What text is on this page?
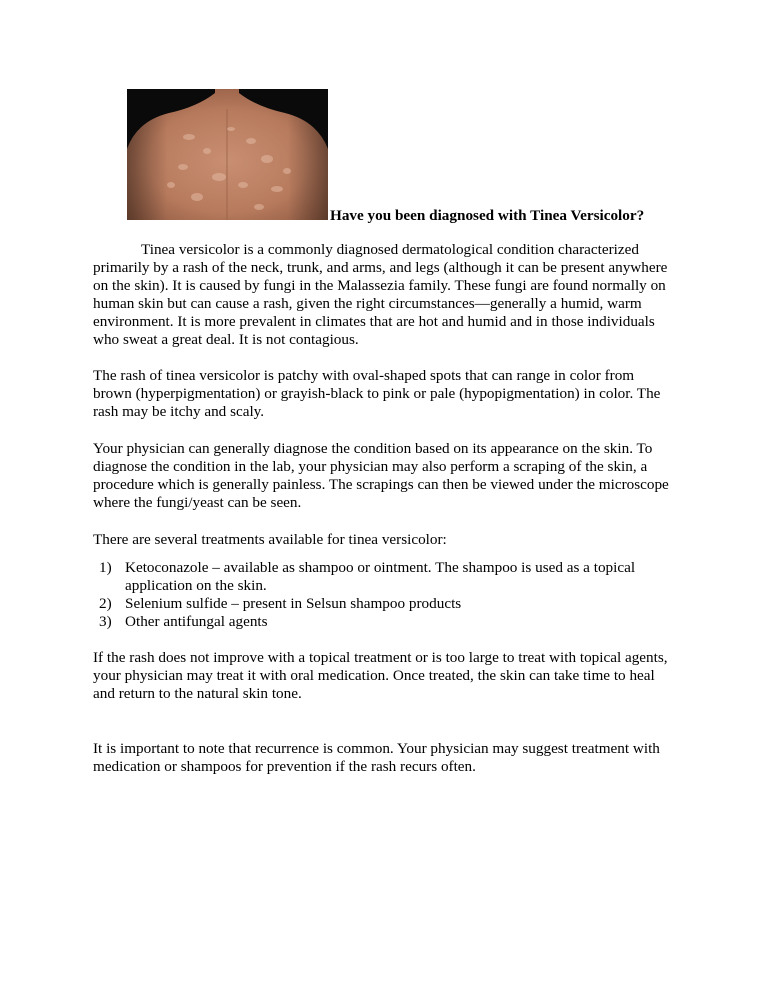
Have you been diagnosed with Tinea Versicolor?

Tinea versicolor is a commonly diagnosed dermatological condition characterized primarily by a rash of the neck, trunk, and arms, and legs (although it can be present anywhere on the skin). It is caused by fungi in the Malassezia family. These fungi are found normally on human skin but can cause a rash, given the right circumstances—generally a humid, warm environment. It is more prevalent in climates that are hot and humid and in those individuals who sweat a great deal. It is not contagious.

The rash of tinea versicolor is patchy with oval-shaped spots that can range in color from brown (hyperpigmentation) or grayish-black to pink or pale (hypopigmentation) in color. The rash may be itchy and scaly.

Your physician can generally diagnose the condition based on its appearance on the skin. To diagnose the condition in the lab, your physician may also perform a scraping of the skin, a procedure which is generally painless. The scrapings can then be viewed under the microscope where the fungi/yeast can be seen.

There are several treatments available for tinea versicolor:

1) Ketoconazole – available as shampoo or ointment. The shampoo is used as a topical application on the skin.
2) Selenium sulfide – present in Selsun shampoo products
3) Other antifungal agents

If the rash does not improve with a topical treatment or is too large to treat with topical agents, your physician may treat it with oral medication. Once treated, the skin can take time to heal and return to the natural skin tone.

It is important to note that recurrence is common. Your physician may suggest treatment with medication or shampoos for prevention if the rash recurs often.
